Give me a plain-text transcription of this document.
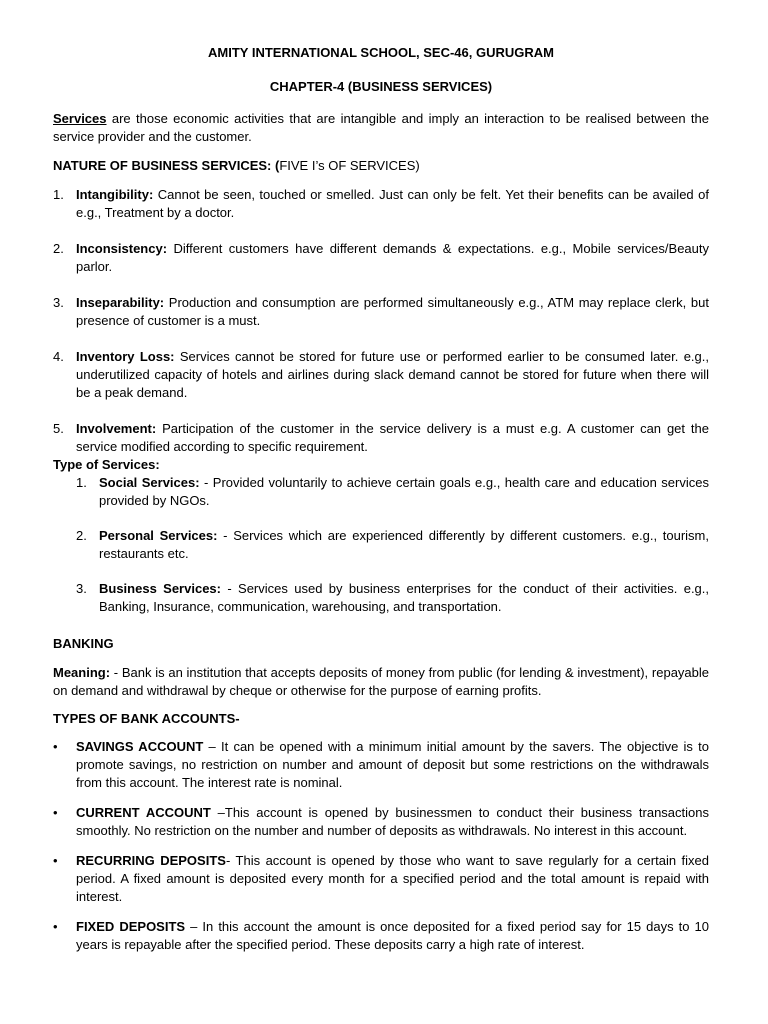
AMITY INTERNATIONAL SCHOOL, SEC-46, GURUGRAM

CHAPTER-4 (BUSINESS SERVICES)

Services are those economic activities that are intangible and imply an interaction to be realised between the service provider and the customer.

NATURE OF BUSINESS SERVICES: (FIVE I’s OF SERVICES)

1. Intangibility: Cannot be seen, touched or smelled. Just can only be felt. Yet their benefits can be availed of e.g., Treatment by a doctor.
2. Inconsistency: Different customers have different demands & expectations. e.g., Mobile services/Beauty parlor.
3. Inseparability: Production and consumption are performed simultaneously e.g., ATM may replace clerk, but presence of customer is a must.
4. Inventory Loss: Services cannot be stored for future use or performed earlier to be consumed later. e.g., underutilized capacity of hotels and airlines during slack demand cannot be stored for future when there will be a peak demand.
5. Involvement: Participation of the customer in the service delivery is a must e.g. A customer can get the service modified according to specific requirement.

Type of Services:

1. Social Services: - Provided voluntarily to achieve certain goals e.g., health care and education services provided by NGOs.
2. Personal Services: - Services which are experienced differently by different customers. e.g., tourism, restaurants etc.
3. Business Services: - Services used by business enterprises for the conduct of their activities. e.g., Banking, Insurance, communication, warehousing, and transportation.

BANKING

Meaning: - Bank is an institution that accepts deposits of money from public (for lending & investment), repayable on demand and withdrawal by cheque or otherwise for the purpose of earning profits.

TYPES OF BANK ACCOUNTS-

• SAVINGS ACCOUNT – It can be opened with a minimum initial amount by the savers. The objective is to promote savings, no restriction on number and amount of deposit but some restrictions on the withdrawals from this account. The interest rate is nominal.
• CURRENT ACCOUNT –This account is opened by businessmen to conduct their business transactions smoothly. No restriction on the number and number of deposits as withdrawals. No interest in this account.
• RECURRING DEPOSITS- This account is opened by those who want to save regularly for a certain fixed period. A fixed amount is deposited every month for a specified period and the total amount is repaid with interest.
• FIXED DEPOSITS – In this account the amount is once deposited for a fixed period say for 15 days to 10 years is repayable after the specified period. These deposits carry a high rate of interest.
